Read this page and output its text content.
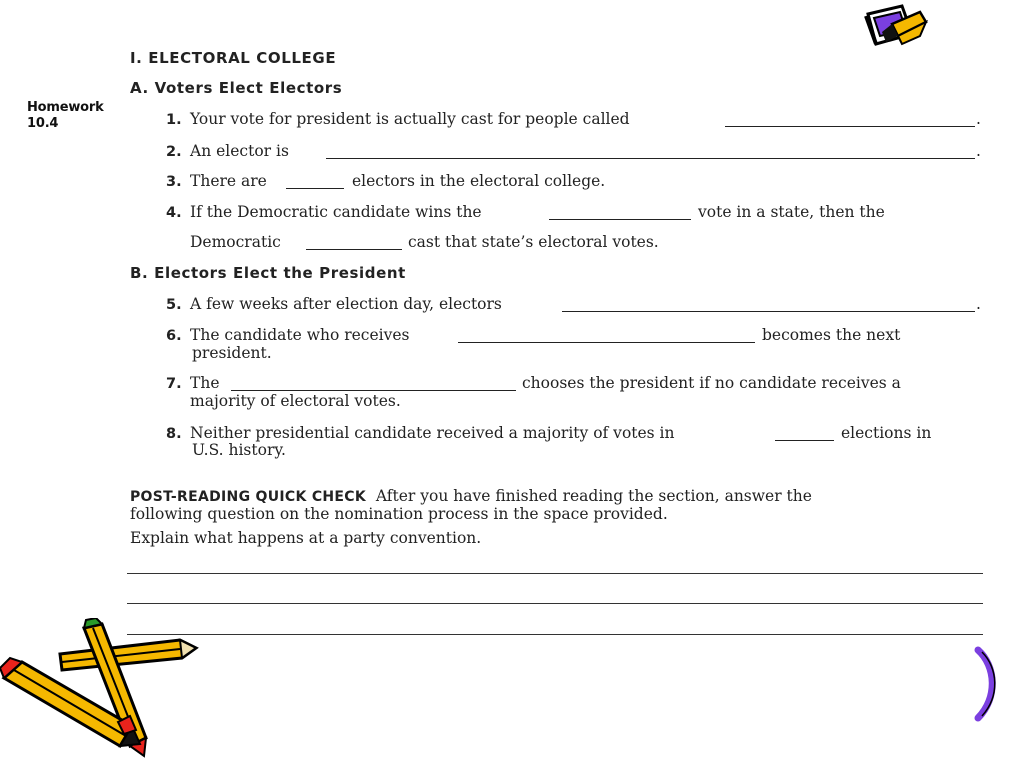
Homework
10.4
I. ELECTORAL COLLEGE
A. Voters Elect Electors
1. Your vote for president is actually cast for people called	.
2. An elector is	.
3. There are	electors in the electoral college.
4. If the Democratic candidate wins the	vote in a state, then the
Democratic	cast that state’s electoral votes.
B. Electors Elect the President
5. A few weeks after election day, electors	.
6. The candidate who receives	becomes the next
president.
7. The	chooses the president if no candidate receives a
majority of electoral votes.
8. Neither presidential candidate received a majority of votes in	elections in
U.S. history.
POST-READING QUICK CHECK After you have finished reading the section, answer the
following question on the nomination process in the space provided.
Explain what happens at a party convention.
